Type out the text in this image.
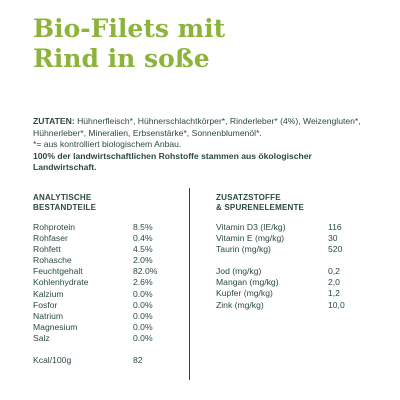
Bio-Filets mit
Rind in soße
ZUTATEN: Hühnerfleisch*, Hühnerschlachtkörper*, Rinderleber* (4%), Weizengluten*, Hühnerleber*, Mineralien, Erbsenstärke*, Sonnenblumenöl*.
*= aus kontrolliert biologischem Anbau.
100% der landwirtschaftlichen Rohstoffe stammen aus ökologischer Landwirtschaft.
ANALYTISCHE
BESTANDTEILE
ZUSATZSTOFFE
& SPURENELEMENTE
Rohprotein	8.5%
Rohfaser	0.4%
Rohfett	4.5%
Rohasche	2.0%
Feuchtgehalt	82.0%
Kohlenhydrate	2.6%
Kalzium	0.0%
Fosfor	0.0%
Natrium	0.0%
Magnesium	0.0%
Salz	0.0%
Kcal/100g	82
Vitamin D3 (IE/kg)	116
Vitamin E (mg/kg)	30
Taurin (mg/kg)	520
Jod (mg/kg)	0,2
Mangan (mg/kg)	2,0
Kupfer (mg/kg)	1,2
Zink (mg/kg)	10,0
